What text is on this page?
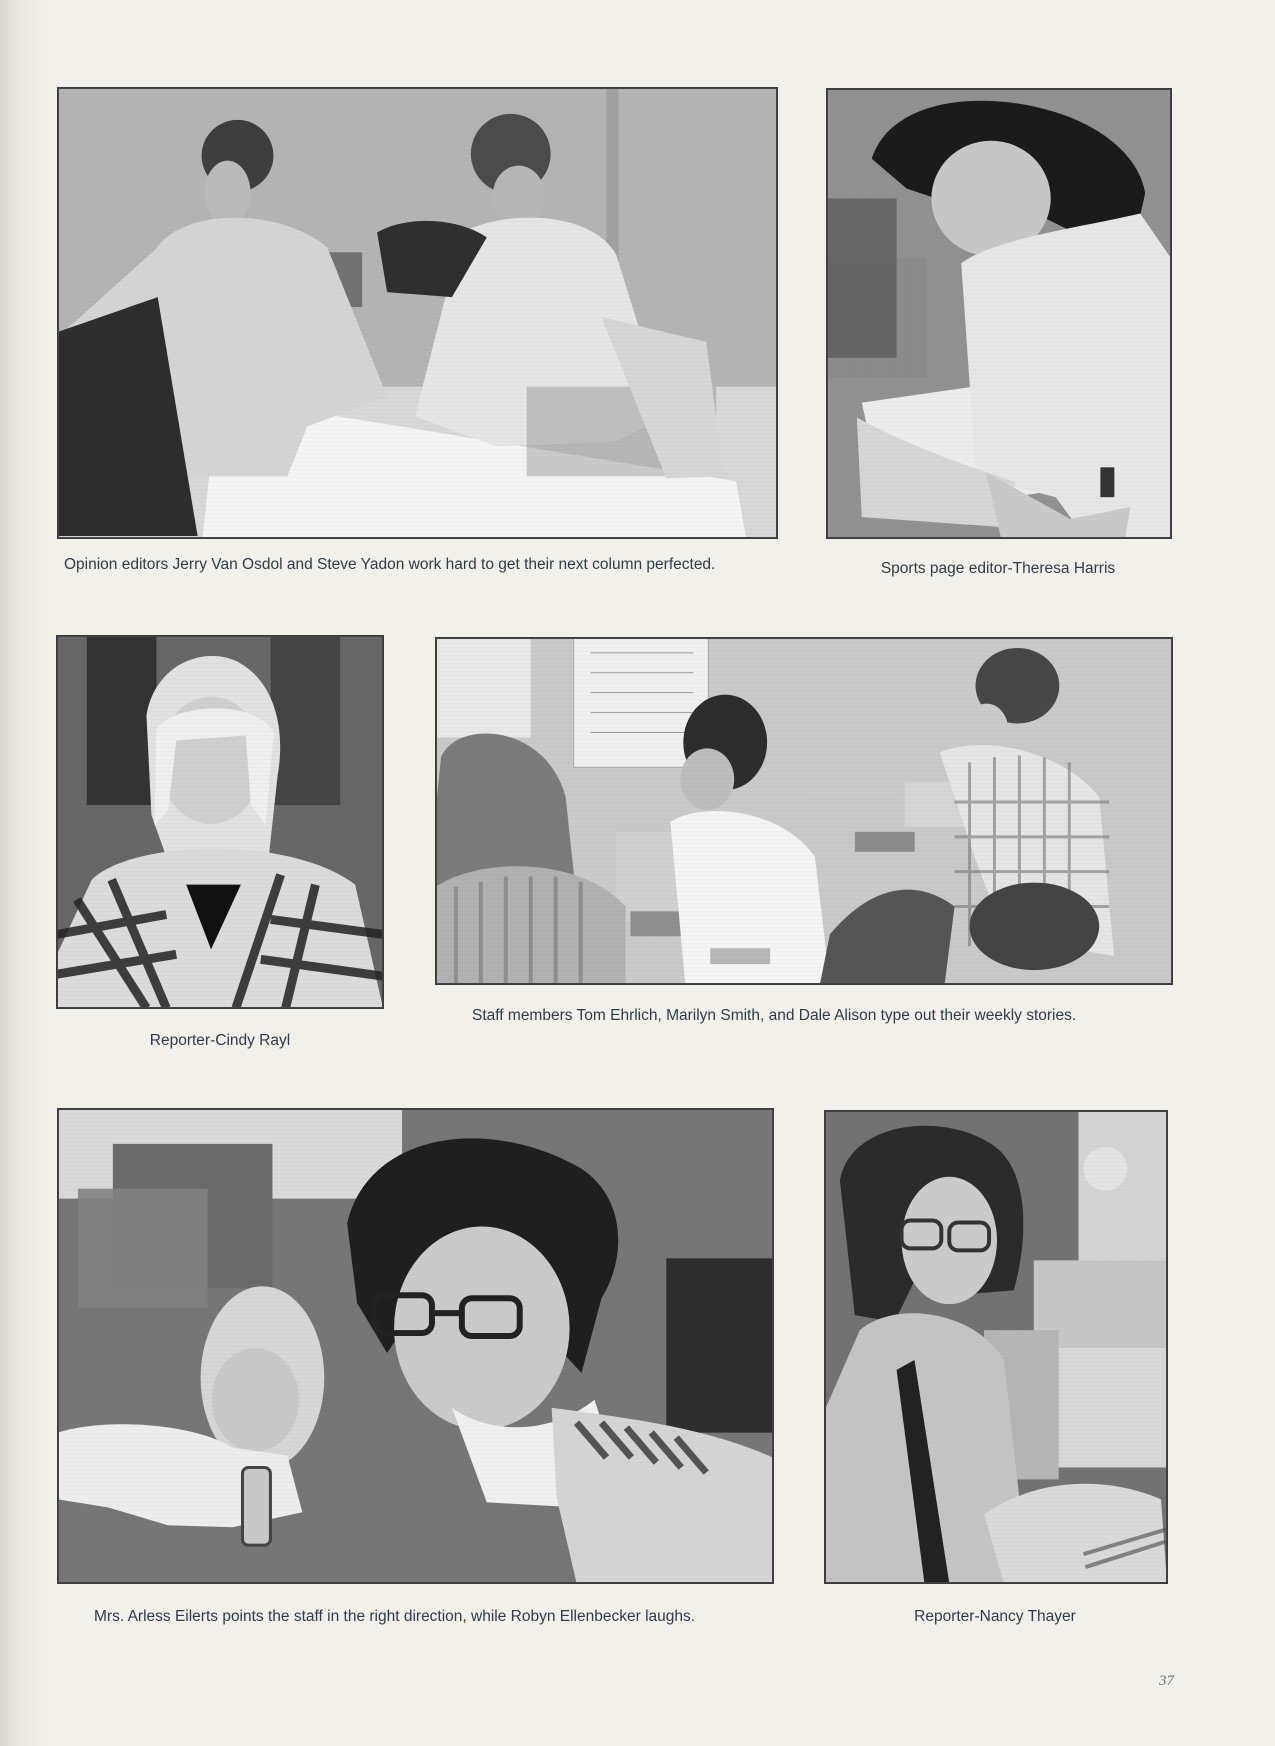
Opinion editors Jerry Van Osdol and Steve Yadon work hard to get their next column perfected.	Sports page editor-Theresa Harris
Staff members Tom Ehrlich, Marilyn Smith, and Dale Alison type out their weekly stories.
Reporter-Cindy Rayl
Mrs. Arless Eilerts points the staff in the right direction, while Robyn Ellenbecker laughs.	Reporter-Nancy Thayer
37
